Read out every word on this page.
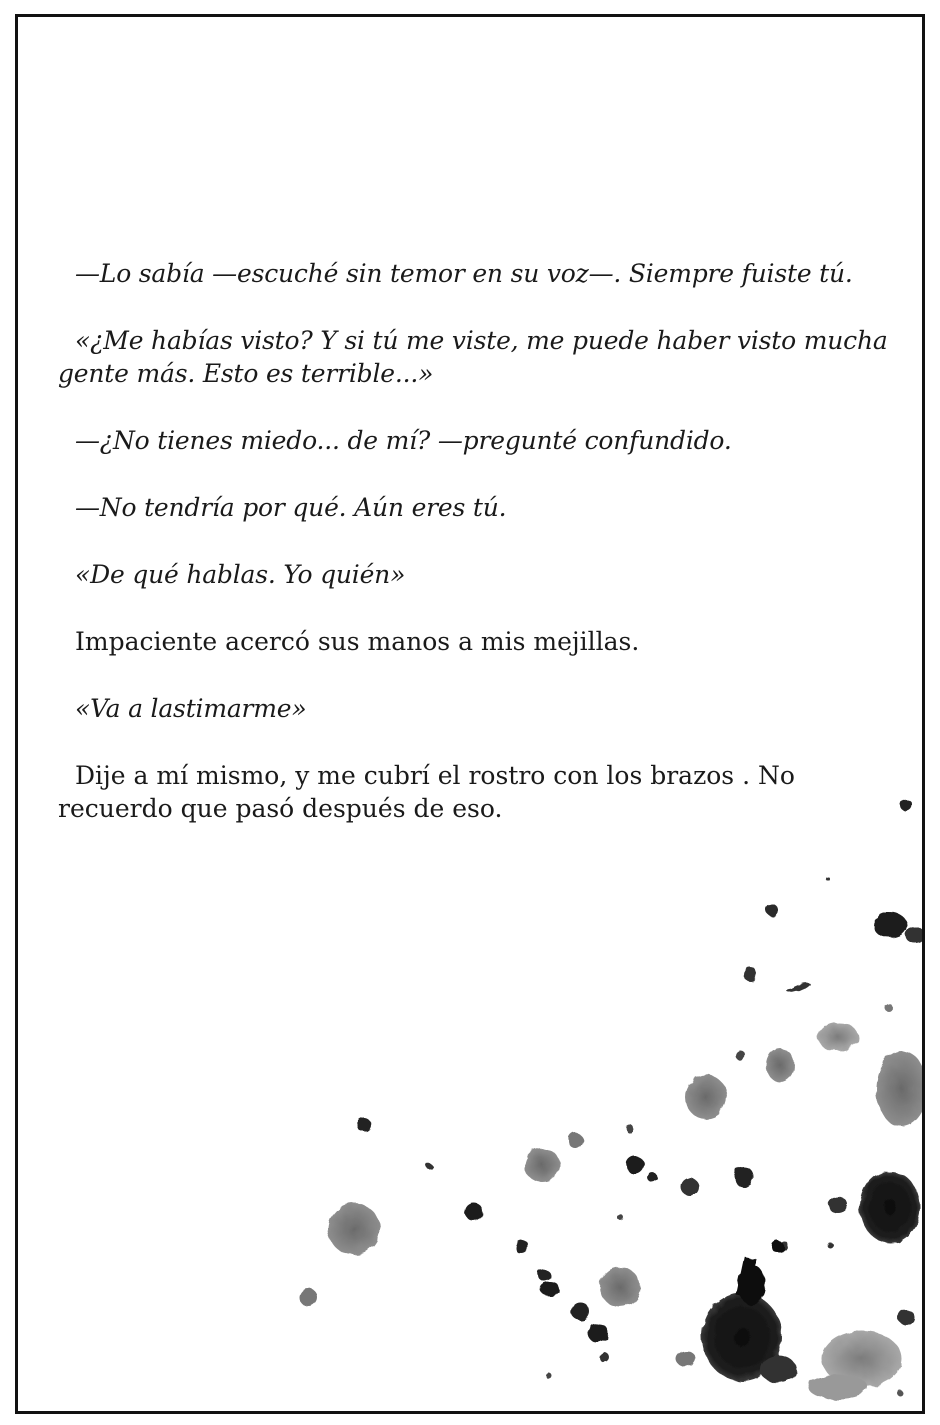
—Lo sabía —escuché sin temor en su voz—. Siempre fuiste tú.

«¿Me habías visto? Y si tú me viste, me puede haber visto mucha gente más. Esto es terrible...»

—¿No tienes miedo... de mí? —pregunté confundido.

—No tendría por qué. Aún eres tú.

«De qué hablas. Yo quién»

Impaciente acercó sus manos a mis mejillas.

«Va a lastimarme»

Dije a mí mismo, y me cubrí el rostro con los brazos . No recuerdo que pasó después de eso.
